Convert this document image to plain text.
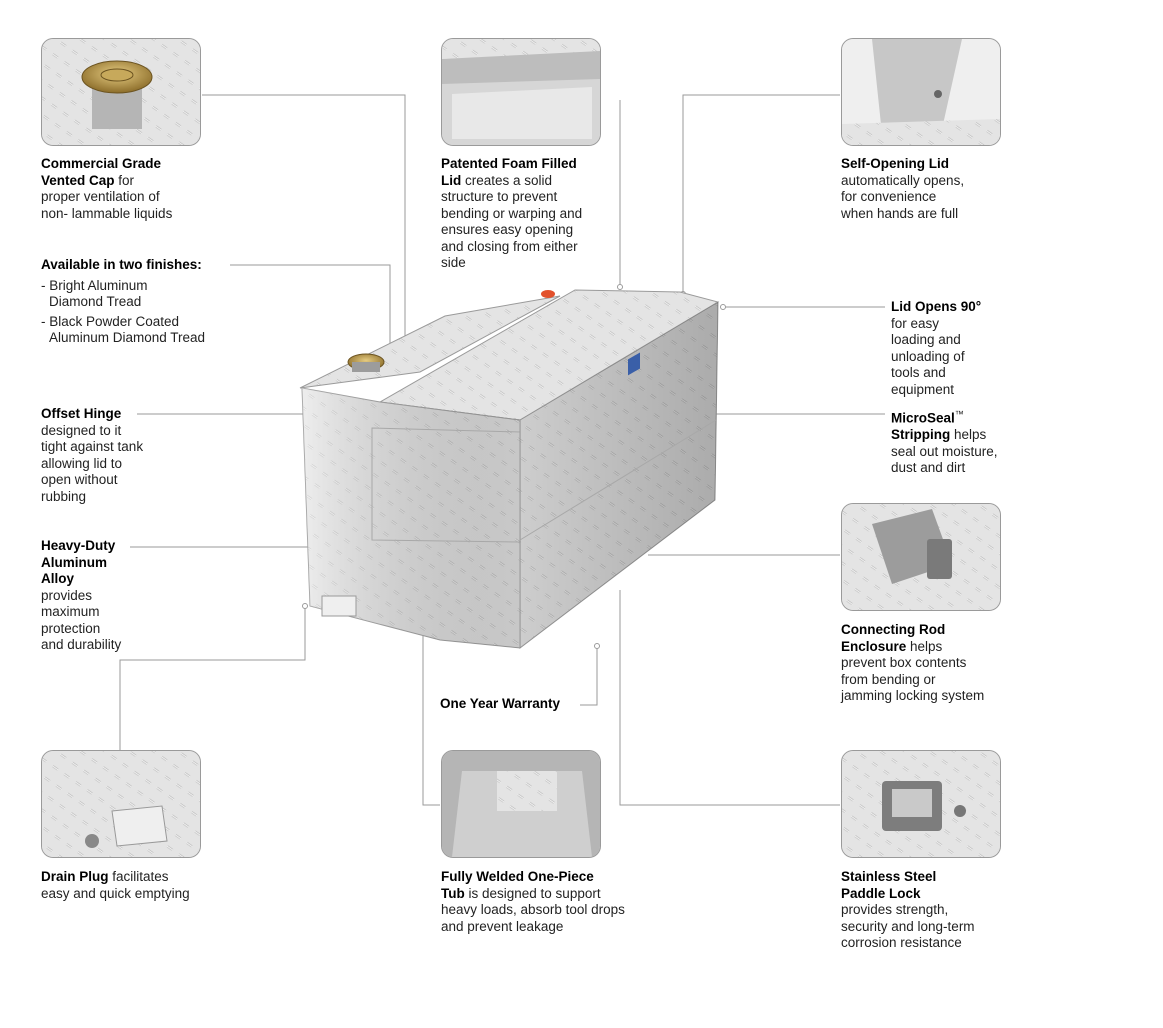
Commercial Grade
Vented Cap for
proper ventilation of
non- lammable liquids
Available in two finishes:
- Bright Aluminum
Diamond Tread
- Black Powder Coated
Aluminum Diamond Tread
Offset Hinge
designed to it
tight against tank
allowing lid to
open without
rubbing
Heavy-Duty
Aluminum
Alloy
provides
maximum
protection
and durability
Drain Plug facilitates
easy and quick emptying
Patented Foam Filled
Lid creates a solid
structure to prevent
bending or warping and
ensures easy opening
and closing from either
side
One Year Warranty
Fully Welded One-Piece
Tub is designed to support
heavy loads, absorb tool drops
and prevent leakage
Self-Opening Lid
automatically opens,
for convenience
when hands are full
Lid Opens 90°
for easy
loading and
unloading of
tools and
equipment
MicroSeal™
Stripping helps
seal out moisture,
dust and dirt
Connecting Rod
Enclosure helps
prevent box contents
from bending or
jamming locking system
Stainless Steel
Paddle Lock
provides strength,
security and long-term
corrosion resistance
